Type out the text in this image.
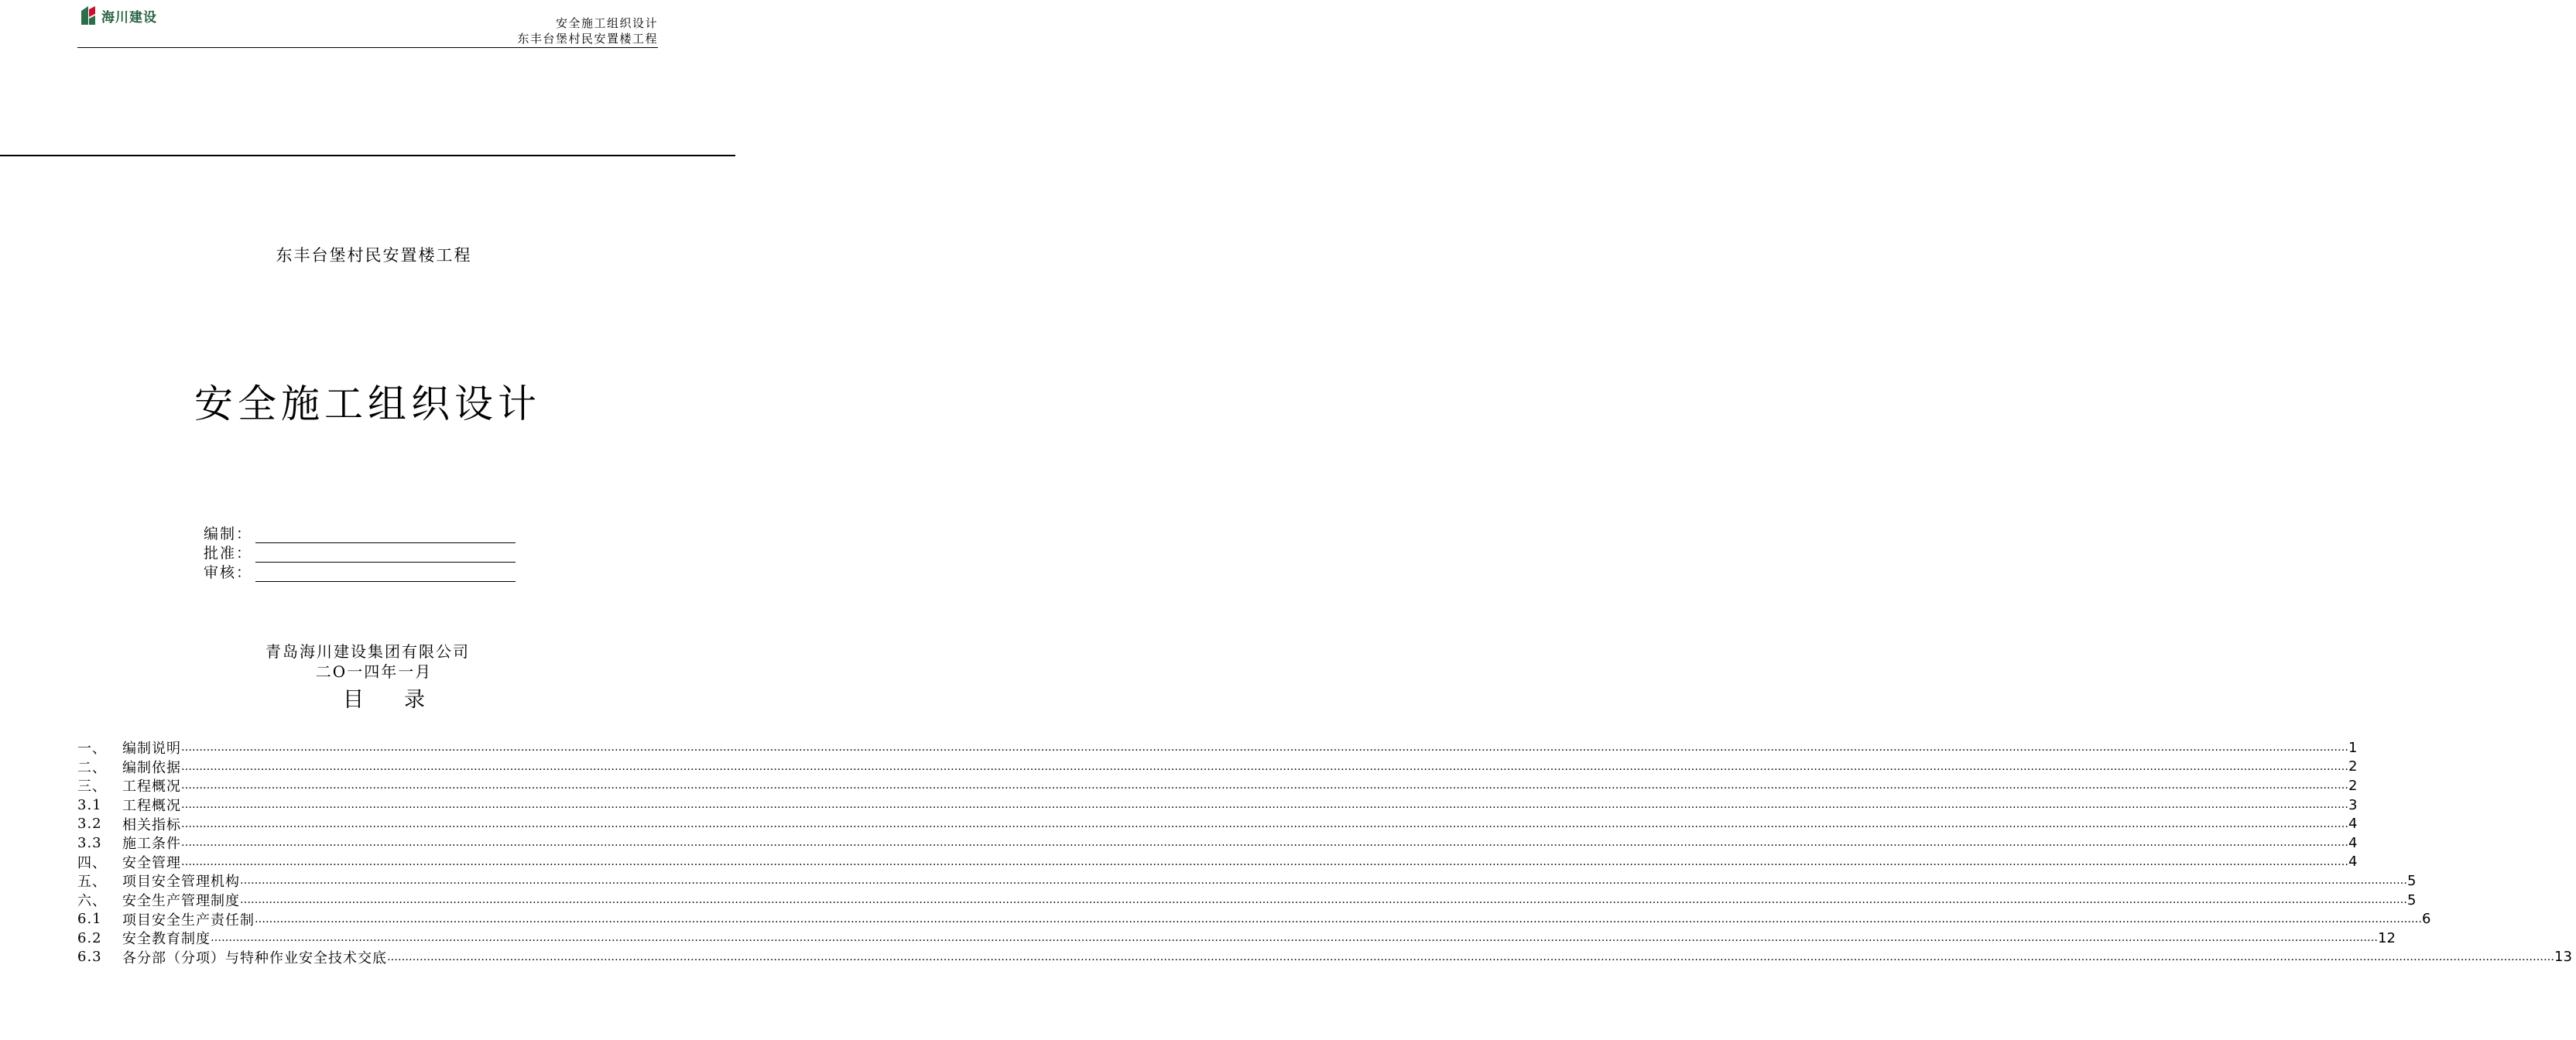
海川建设	安全施工组织设计
东丰台堡村民安置楼工程
东丰台堡村民安置楼工程
安全施工组织设计
编制：
批准：
审核：
青岛海川建设集团有限公司
二O一四年一月
目 录
一、	编制说明 …………………………………………………………………………………………………………………………………………………………………………………………………………………………………………………………………………………………………………………………………………………………………………………………………………………………………………………………………………………………………………………………………………………… 1
二、	编制依据 …………………………………………………………………………………………………………………………………………………………………………………………………………………………………………………………………………………………………………………………………………………………………………………………………………………………………………………………………………………………………………………………………………………… 2
三、	工程概况 …………………………………………………………………………………………………………………………………………………………………………………………………………………………………………………………………………………………………………………………………………………………………………………………………………………………………………………………………………………………………………………………………………………… 2
3.1	工程概况 …………………………………………………………………………………………………………………………………………………………………………………………………………………………………………………………………………………………………………………………………………………………………………………………………………………………………………………………………………………………………………………………………………………… 3
3.2	相关指标 …………………………………………………………………………………………………………………………………………………………………………………………………………………………………………………………………………………………………………………………………………………………………………………………………………………………………………………………………………………………………………………………………………………… 4
3.3	施工条件 …………………………………………………………………………………………………………………………………………………………………………………………………………………………………………………………………………………………………………………………………………………………………………………………………………………………………………………………………………………………………………………………………………………… 4
四、	安全管理 …………………………………………………………………………………………………………………………………………………………………………………………………………………………………………………………………………………………………………………………………………………………………………………………………………………………………………………………………………………………………………………………………………………… 4
五、	项目安全管理机构 …………………………………………………………………………………………………………………………………………………………………………………………………………………………………………………………………………………………………………………………………………………………………………………………………………………………………………………………………………………………………………………………………………………… 5
六、	安全生产管理制度 …………………………………………………………………………………………………………………………………………………………………………………………………………………………………………………………………………………………………………………………………………………………………………………………………………………………………………………………………………………………………………………………………………………… 5
6.1	项目安全生产责任制 …………………………………………………………………………………………………………………………………………………………………………………………………………………………………………………………………………………………………………………………………………………………………………………………………………………………………………………………………………………………………………………………………………………… 6
6.2	安全教育制度 …………………………………………………………………………………………………………………………………………………………………………………………………………………………………………………………………………………………………………………………………………………………………………………………………………………………………………………………………………………………………………………………………………………… 12
6.3	各分部（分项）与特种作业安全技术交底 …………………………………………………………………………………………………………………………………………………………………………………………………………………………………………………………………………………………………………………………………………………………………………………………………………………………………………………………………………………………………………………………………………………… 13
